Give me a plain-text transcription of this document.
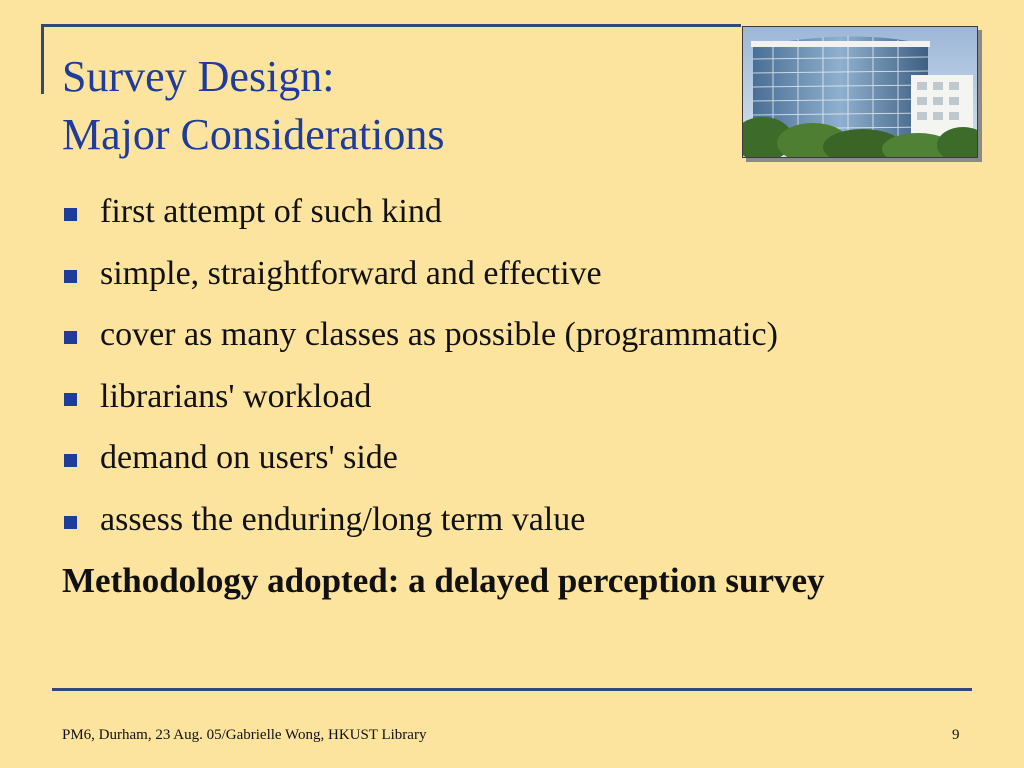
Survey Design:
Major Considerations
first attempt of such kind
simple, straightforward and effective
cover as many classes as possible (programmatic)
librarians' workload
demand on users' side
assess the enduring/long term value
Methodology adopted: a delayed perception survey
PM6, Durham, 23 Aug. 05/Gabrielle Wong, HKUST Library	9
